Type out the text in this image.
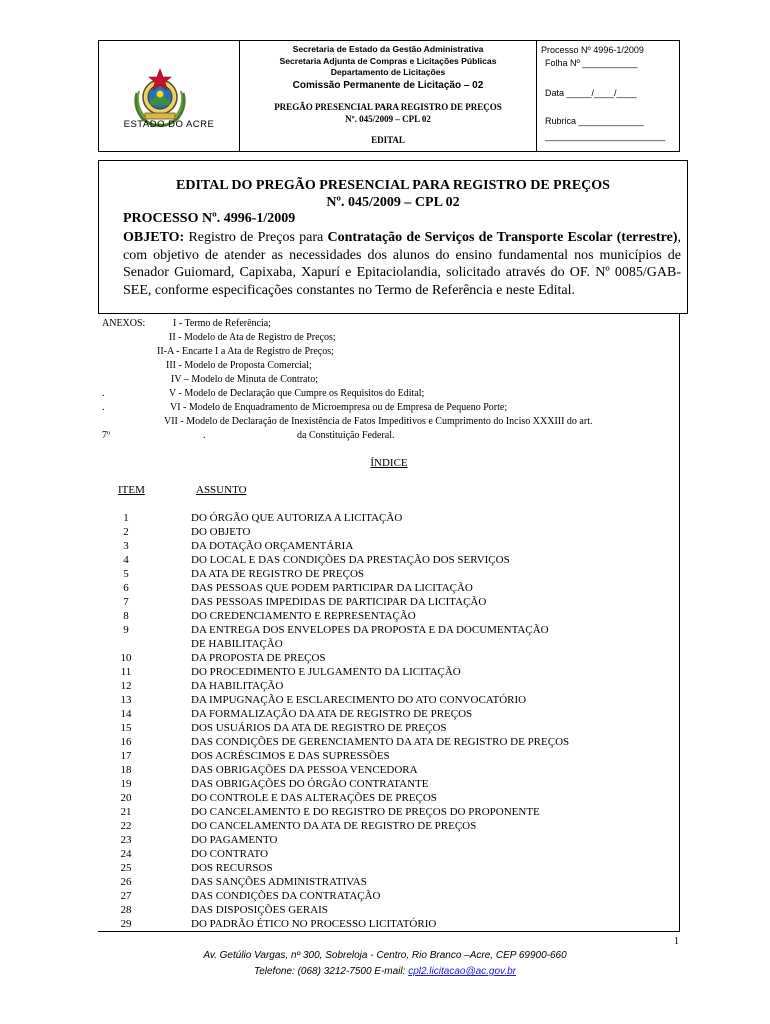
ESTADO DO ACRE
Secretaria de Estado da Gestão Administrativa
Secretaria Adjunta de Compras e Licitações Públicas
Departamento de Licitações
Comissão Permanente de Licitação – 02
PREGÃO PRESENCIAL PARA REGISTRO DE PREÇOS
Nº. 045/2009 – CPL 02
EDITAL
Processo Nº 4996-1/2009
Folha Nº ___________
Data _____/____/____
Rubrica _____________
________________________
EDITAL DO PREGÃO PRESENCIAL PARA REGISTRO DE PREÇOS
Nº. 045/2009 – CPL 02
PROCESSO Nº. 4996-1/2009
OBJETO: Registro de Preços para Contratação de Serviços de Transporte Escolar (terrestre), com objetivo de atender as necessidades dos alunos do ensino fundamental nos municípios de Senador Guiomard, Capixaba, Xapurí e Epitaciolandia, solicitado através do OF. Nº 0085/GAB-SEE, conforme especificações constantes no Termo de Referência e neste Edital.
ANEXOS:	I - Termo de Referência;
II - Modelo de Ata de Registro de Preços;
II-A - Encarte I a Ata de Registro de Preços;
III - Modelo de Proposta Comercial;
IV – Modelo de Minuta de Contrato;
.	V - Modelo de Declaração que Cumpre os Requisitos do Edital;
.	VI - Modelo de Enquadramento de Microempresa ou de Empresa de Pequeno Porte;
VII - Modelo de Declaração de Inexistência de Fatos Impeditivos e Cumprimento do Inciso XXXIII do art.
7º	.	da Constituição Federal.
ÍNDICE
ITEM	ASSUNTO
1	DO ÓRGÃO QUE AUTORIZA A LICITAÇÃO
2	DO OBJETO
3	DA DOTAÇÃO ORÇAMENTÁRIA
4	DO LOCAL E DAS CONDIÇÕES DA PRESTAÇÃO DOS SERVIÇOS
5	DA ATA DE REGISTRO DE PREÇOS
6	DAS PESSOAS QUE PODEM PARTICIPAR DA LICITAÇÃO
7	DAS PESSOAS IMPEDIDAS DE PARTICIPAR DA LICITAÇÃO
8	DO CREDENCIAMENTO E REPRESENTAÇÃO
9	DA ENTREGA DOS ENVELOPES DA PROPOSTA E DA DOCUMENTAÇÃO
DE HABILITAÇÃO
10	DA PROPOSTA DE PREÇOS
11	DO PROCEDIMENTO E JULGAMENTO DA LICITAÇÃO
12	DA HABILITAÇÃO
13	DA IMPUGNAÇÃO E ESCLARECIMENTO DO ATO CONVOCATÓRIO
14	DA FORMALIZAÇÃO DA ATA DE REGISTRO DE PREÇOS
15	DOS USUÁRIOS DA ATA DE REGISTRO DE PREÇOS
16	DAS CONDIÇÕES DE GERENCIAMENTO DA ATA DE REGISTRO DE PREÇOS
17	DOS ACRÉSCIMOS E DAS SUPRESSÕES
18	DAS OBRIGAÇÕES DA PESSOA VENCEDORA
19	DAS OBRIGAÇÕES DO ÓRGÃO CONTRATANTE
20	DO CONTROLE E DAS ALTERAÇÕES DE PREÇOS
21	DO CANCELAMENTO E DO REGISTRO DE PREÇOS DO PROPONENTE
22	DO CANCELAMENTO DA ATA DE REGISTRO DE PREÇOS
23	DO PAGAMENTO
24	DO CONTRATO
25	DOS RECURSOS
26	DAS SANÇÕES ADMINISTRATIVAS
27	DAS CONDIÇÕES DA CONTRATAÇÃO
28	DAS DISPOSIÇÕES GERAIS
29	DO PADRÃO ÉTICO NO PROCESSO LICITATÓRIO
1
Av. Getúlio Vargas, nº 300, Sobreloja - Centro, Rio Branco –Acre, CEP 69900-660
Telefone: (068) 3212-7500 E-mail: cpl2.licitacao@ac.gov.br
